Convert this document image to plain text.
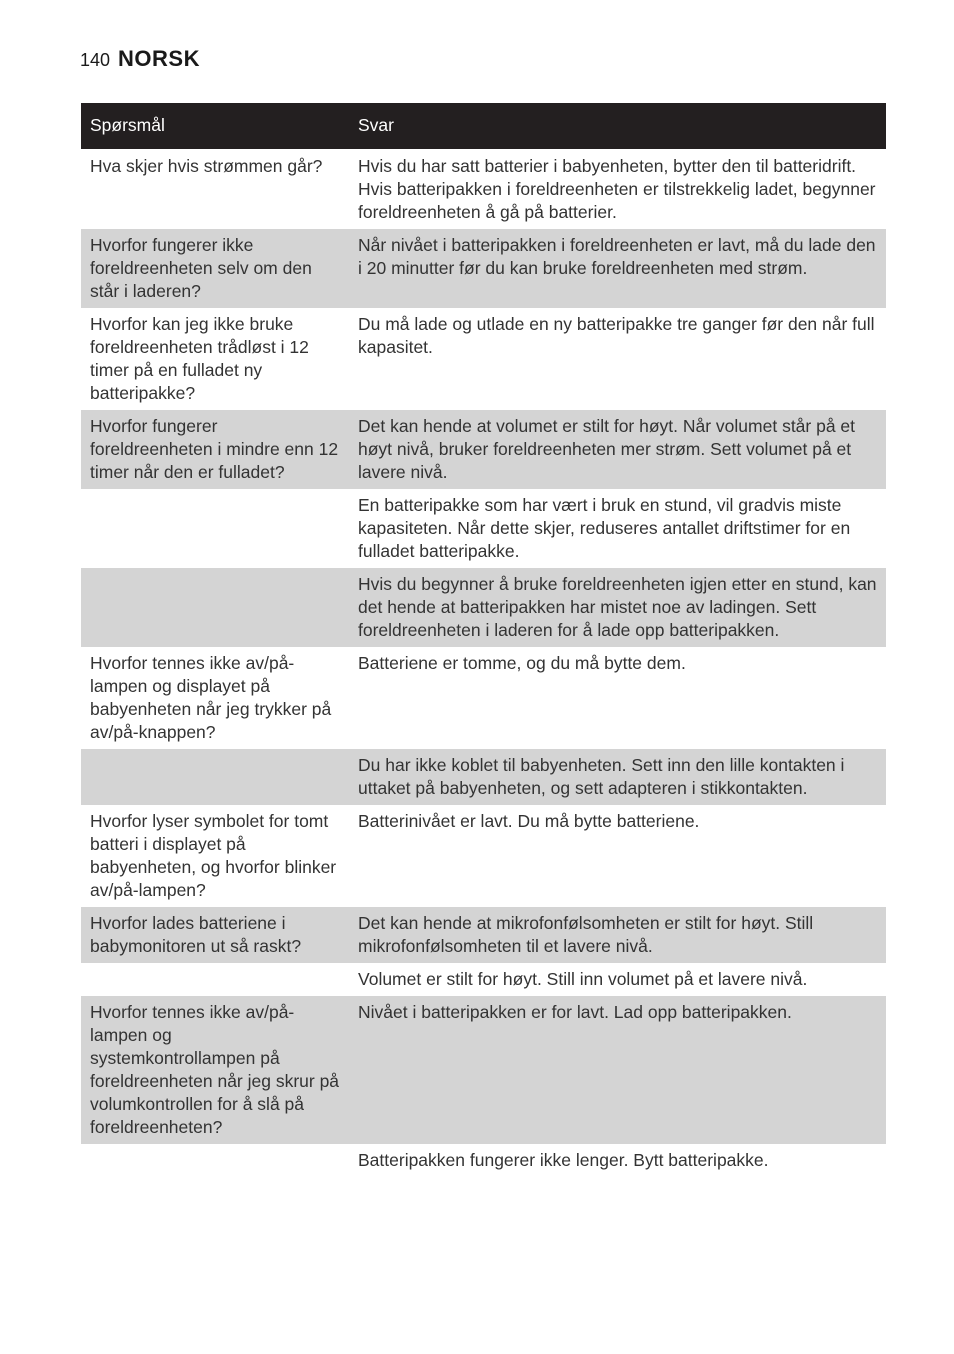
140 NORSK
Spørsmål	Svar
Hva skjer hvis strømmen går?	Hvis du har satt batterier i babyenheten, bytter den til batteridrift. Hvis batteripakken i foreldreenheten er tilstrekkelig ladet, begynner foreldreenheten å gå på batterier.
Hvorfor fungerer ikke foreldreenheten selv om den står i laderen?	Når nivået i batteripakken i foreldreenheten er lavt, må du lade den i 20 minutter før du kan bruke foreldreenheten med strøm.
Hvorfor kan jeg ikke bruke foreldreenheten trådløst i 12 timer på en fulladet ny batteripakke?	Du må lade og utlade en ny batteripakke tre ganger før den når full kapasitet.
Hvorfor fungerer foreldreenheten i mindre enn 12 timer når den er fulladet?	Det kan hende at volumet er stilt for høyt. Når volumet står på et høyt nivå, bruker foreldreenheten mer strøm. Sett volumet på et lavere nivå.
	En batteripakke som har vært i bruk en stund, vil gradvis miste kapasiteten. Når dette skjer, reduseres antallet driftstimer for en fulladet batteripakke.
	Hvis du begynner å bruke foreldreenheten igjen etter en stund, kan det hende at batteripakken har mistet noe av ladingen. Sett foreldreenheten i laderen for å lade opp batteripakken.
Hvorfor tennes ikke av/på-lampen og displayet på babyenheten når jeg trykker på av/på-knappen?	Batteriene er tomme, og du må bytte dem.
	Du har ikke koblet til babyenheten. Sett inn den lille kontakten i uttaket på babyenheten, og sett adapteren i stikkontakten.
Hvorfor lyser symbolet for tomt batteri i displayet på babyenheten, og hvorfor blinker av/på-lampen?	Batterinivået er lavt. Du må bytte batteriene.
Hvorfor lades batteriene i babymonitoren ut så raskt?	Det kan hende at mikrofonfølsomheten er stilt for høyt. Still mikrofonfølsomheten til et lavere nivå.
	Volumet er stilt for høyt. Still inn volumet på et lavere nivå.
Hvorfor tennes ikke av/på-lampen og systemkontrollampen på foreldreenheten når jeg skrur på volumkontrollen for å slå på foreldreenheten?	Nivået i batteripakken er for lavt. Lad opp batteripakken.
	Batteripakken fungerer ikke lenger. Bytt batteripakke.
